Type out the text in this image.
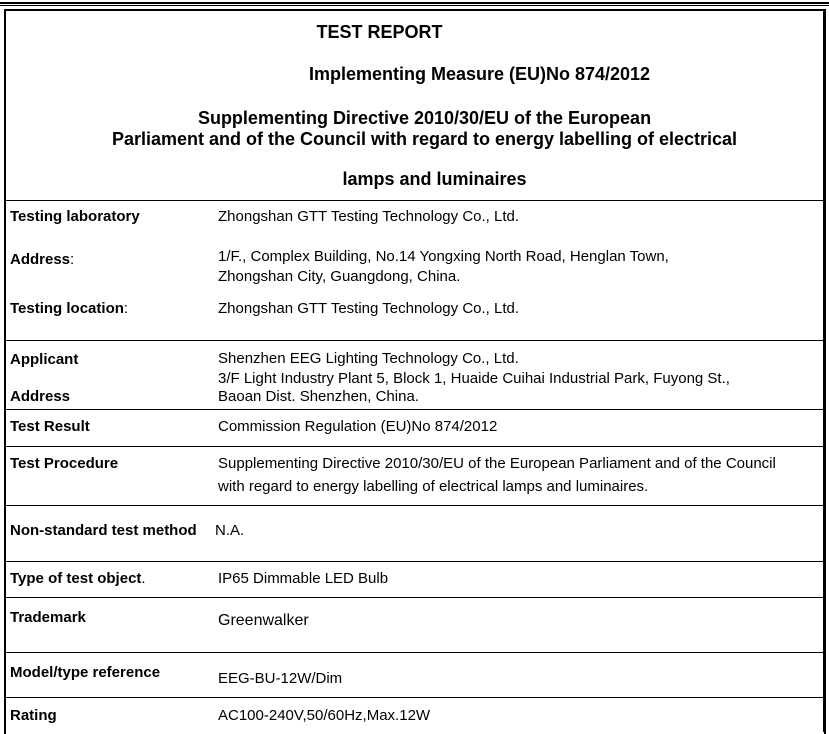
TEST REPORT
Implementing Measure (EU)No 874/2012
Supplementing Directive 2010/30/EU of the European
Parliament and of the Council with regard to energy labelling of electrical
lamps and luminaires
Testing laboratory	Zhongshan GTT Testing Technology Co., Ltd.
Address:	1/F., Complex Building, No.14 Yongxing North Road, Henglan Town,
Zhongshan City, Guangdong, China.
Testing location:	Zhongshan GTT Testing Technology Co., Ltd.
Applicant	Shenzhen EEG Lighting Technology Co., Ltd.
Address
3/F Light Industry Plant 5, Block 1, Huaide Cuihai Industrial Park, Fuyong St.,
Baoan Dist. Shenzhen, China.
Test Result	Commission Regulation (EU)No 874/2012
Test Procedure	Supplementing Directive 2010/30/EU of the European Parliament and of the Council
with regard to energy labelling of electrical lamps and luminaires.
Non-standard test method N.A.
Type of test object.	IP65 Dimmable LED Bulb
Trademark	Greenwalker
Model/type reference	EEG-BU-12W/Dim
Rating	AC100-240V,50/60Hz,Max.12W
